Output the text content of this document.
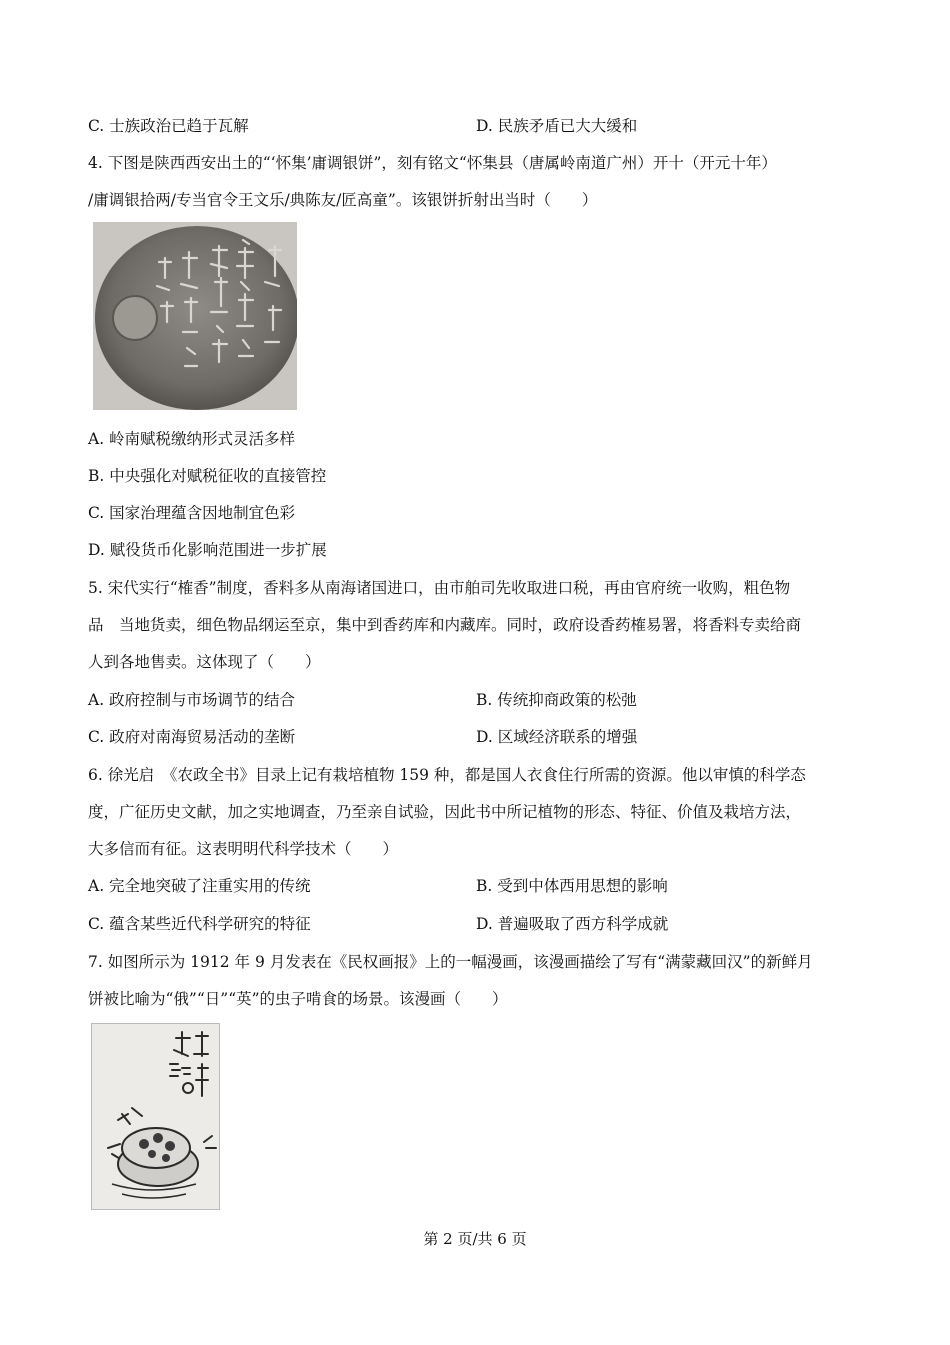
C. 士族政治已趋于瓦解	D. 民族矛盾已大大缓和
4. 下图是陕西西安出土的“‘怀集’庸调银饼”，刻有铭文“怀集县（唐属岭南道广州）开十（开元十年）
/庸调银拾两/专当官令王文乐/典陈友/匠高童”。该银饼折射出当时（　　）
A. 岭南赋税缴纳形式灵活多样
B. 中央强化对赋税征收的直接管控
C. 国家治理蕴含因地制宜色彩
D. 赋役货币化影响范围进一步扩展
5. 宋代实行“榷香”制度，香料多从南海诸国进口，由市舶司先收取进口税，再由官府统一收购，粗色物
品　当地货卖，细色物品纲运至京，集中到香药库和内藏库。同时，政府设香药榷易署，将香料专卖给商
人到各地售卖。这体现了（　　）
A. 政府控制与市场调节的结合	B. 传统抑商政策的松弛
C. 政府对南海贸易活动的垄断	D. 区域经济联系的增强
6. 徐光启　《农政全书》目录上记有栽培植物 159 种，都是国人衣食住行所需的资源。他以审慎的科学态
度，广征历史文献，加之实地调查，乃至亲自试验，因此书中所记植物的形态、特征、价值及栽培方法，
大多信而有征。这表明明代科学技术（　　）
A. 完全地突破了注重实用的传统	B. 受到中体西用思想的影响
C. 蕴含某些近代科学研究的特征	D. 普遍吸取了西方科学成就
7. 如图所示为 1912 年 9 月发表在《民权画报》上的一幅漫画，该漫画描绘了写有“满蒙藏回汉”的新鲜月
饼被比喻为“俄”“日”“英”的虫子啃食的场景。该漫画（　　）
第 2 页/共 6 页
